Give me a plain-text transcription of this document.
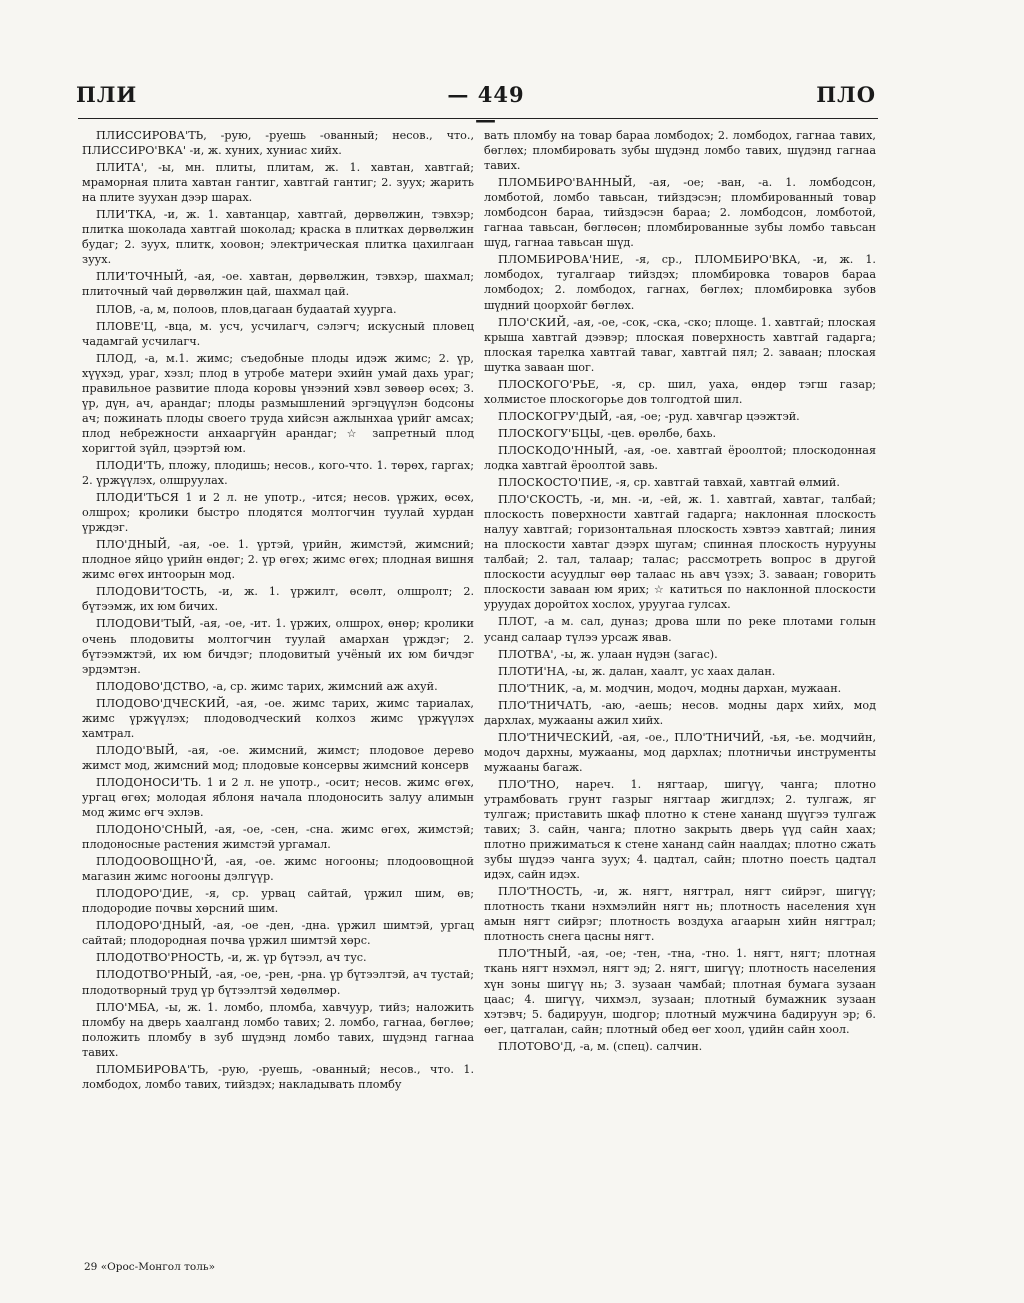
ПЛИ	— 449 —
ПЛО

ПЛИССИРОВА'ТЬ, -рую, -руешь -ованный; несов., что., ПЛИССИРО'ВКА' -и, ж. хуних, хуниас хийх.

ПЛИТА', -ы, мн. плиты, плитам, ж. 1. хавтан, хавтгай; мраморная плита хавтан гантиг, хавтгай гантиг; 2. зуух; жарить на плите зуухан дээр шарах.

ПЛИ'ТКА, -и, ж. 1. хавтанцар, хавтгай, дөрвөлжин, тэвхэр; плитка шоколада хавтгай шоколад; краска в плитках дөрвөлжин будаг; 2. зуух, плитк, хоовон; электрическая плитка цахилгаан зуух.

ПЛИ'ТОЧНЫЙ, -ая, -ое. хавтан, дөрвөлжин, тэвхэр, шахмал; плиточный чай дөрвөлжин цай, шахмал цай.

ПЛОВ, -а, м, полоов, плов,цагаан будаатай хуурга.

ПЛОВЕ'Ц, -вца, м. усч, усчилагч, сэлэгч; искусный пловец чадамгай усчилагч.

ПЛОД, -а, м.1. жимс; съедобные плоды идэж жимс; 2. үр, хүүхэд, ураг, хэзл; плод в утробе матери эхийн умай дахь ураг; правильное развитие плода коровы үнээний хэвл зөвөөр өсөх; 3. үр, дүн, ач, арандаг; плоды размышлений эргэцүүлэн бодсоны ач; пожинать плоды своего труда хийсэн ажлынхаа үрийг амсах; плод небрежности анхааргүйн арандаг; ☆ запретный плод хоригтой зүйл, цээртэй юм.

ПЛОДИ'ТЬ, пложу, плодишь; несов., кого-что. 1. төрөх, гаргах; 2. үржүүлэх, олшруулах.

ПЛОДИ'ТЬСЯ 1 и 2 л. не употр., -ится; несов. үржих, өсөх, олшрох; кролики быстро плодятся молтогчин туулай хурдан үрждэг.

ПЛО'ДНЫЙ, -ая, -ое. 1. үртэй, үрийн, жимстэй, жимсний; плодное яйцо үрийн өндөг; 2. үр өгөх; жимс өгөх; плодная вишня жимс өгөх интоорын мод.

ПЛОДОВИ'ТОСТЬ, -и, ж. 1. үржилт, өсөлт, олшролт; 2. бүтээмж, их юм бичих.

ПЛОДОВИ'ТЫЙ, -ая, -ое, -ит. 1. үржих, олшрох, өнөр; кролики очень плодовиты молтогчин туулай амархан үрждэг; 2. бүтээмжтэй, их юм бичдэг; плодовитый учёный их юм бичдэг эрдэмтэн.

ПЛОДОВО'ДСТВО, -а, ср. жимс тарих, жимсний аж ахуй.

ПЛОДОВО'ДЧЕСКИЙ, -ая, -ое. жимс тарих, жимс тариалах, жимс үржүүлэх; плодоводческий колхоз жимс үржүүлэх хамтрал.

ПЛОДО'ВЫЙ, -ая, -ое. жимсний, жимст; плодовое дерево жимст мод, жимсний мод; плодовые консервы жимсний консерв

ПЛОДОНОСИ'ТЬ. 1 и 2 л. не употр., -осит; несов. жимс өгөх, ургац өгөх; молодая яблоня начала плодоносить залуу алимын мод жимс өгч эхлэв.

ПЛОДОНО'СНЫЙ, -ая, -ое, -сен, -сна. жимс өгөх, жимстэй; плодоносные растения жимстэй ургамал.

ПЛОДООВОЩНО'Й, -ая, -ое. жимс ногооны; плодоовощной магазин жимс ногооны дэлгүүр.

ПЛОДОРО'ДИЕ, -я, ср. урвац сайтай, үржил шим, өв; плодородие почвы хөрсний шим.

ПЛОДОРО'ДНЫЙ, -ая, -ое -ден, -дна. үржил шимтэй, ургац сайтай; плодородная почва үржил шимтэй хөрс.

ПЛОДОТВО'РНОСТЬ, -и, ж. үр бүтээл, ач тус.

ПЛОДОТВО'РНЫЙ, -ая, -ое, -рен, -рна. үр бүтээлтэй, ач тустай; плодотворный труд үр бүтээлтэй хөдөлмөр.

ПЛО'МБА, -ы, ж. 1. ломбо, пломба, хавчуур, тийз; наложить пломбу на дверь хаалганд ломбо тавих; 2. ломбо, гагнаа, бөглөө; положить пломбу в зуб шүдэнд ломбо тавих, шүдэнд гагнаа тавих.

ПЛОМБИРОВА'ТЬ, -рую, -руешь, -ованный; несов., что. 1. ломбодох, ломбо тавих, тийздэх; накладывать пломбу

вать пломбу на товар бараа ломбодох; 2. ломбодох, гагнаа тавих, бөглөх; пломбировать зубы шүдэнд ломбо тавих, шүдэнд гагнаа тавих.

ПЛОМБИРО'ВАННЫЙ, -ая, -ое; -ван, -а. 1. ломбодсон, ломботой, ломбо тавьсан, тийздэсэн; пломбированный товар ломбодсон бараа, тийздэсэн бараа; 2. ломбодсон, ломботой, гагнаа тавьсан, бөглөсөн; пломбированные зубы ломбо тавьсан шүд, гагнаа тавьсан шүд.

ПЛОМБИРОВА'НИЕ, -я, ср., ПЛОМБИРО'ВКА, -и, ж. 1. ломбодох, тугалгаар тийздэх; пломбировка товаров бараа ломбодох; 2. ломбодох, гагнах, бөглөх; пломбировка зубов шүдний цоорхойг бөглөх.

ПЛО'СКИЙ, -ая, -ое, -сок, -ска, -ско; площе. 1. хавтгай; плоская крыша хавтгай дээвэр; плоская поверхность хавтгай гадарга; плоская тарелка хавтгай таваг, хавтгай пял; 2. заваан; плоская шутка заваан шог.

ПЛОСКОГО'РЬЕ, -я, ср. шил, уаха, өндөр тэгш газар; холмистое плоскогорье дов толгодтой шил.

ПЛОСКОГРУ'ДЫЙ, -ая, -ое; -руд. хавчгар цээжтэй.

ПЛОСКОГУ'БЦЫ, -цев. өрөлбө, бахь.

ПЛОСКОДО'ННЫЙ, -ая, -ое. хавтгай ёроолтой; плоскодонная лодка хавтгай ёроолтой завь.

ПЛОСКОСТО'ПИЕ, -я, ср. хавтгай тавхай, хавтгай өлмий.

ПЛО'СКОСТЬ, -и, мн. -и, -ей, ж. 1. хавтгай, хавтаг, талбай; плоскость поверхности хавтгай гадарга; наклонная плоскость налуу хавтгай; горизонтальная плоскость хэвтээ хавтгай; линия на плоскости хавтаг дээрх шугам; спинная плоскость нурууны талбай; 2. тал, талаар; талас; рассмотреть вопрос в другой плоскости асуудлыг өөр талаас нь авч үзэх; 3. заваан; говорить плоскости заваан юм ярих; ☆ катиться по наклонной плоскости уруудах доройтох хослох, уруугаа гулсах.

ПЛОТ, -а м. сал, дуназ; дрова шли по реке плотами голын усанд салаар түлээ урсаж явав.

ПЛОТВА', -ы, ж. улаан нүдэн (загас).

ПЛОТИ'НА, -ы, ж. далан, хаалт, ус хаах далан.

ПЛО'ТНИК, -а, м. модчин, модоч, модны дархан, мужаан.

ПЛО'ТНИЧАТЬ, -аю, -аешь; несов. модны дарх хийх, мод дархлах, мужааны ажил хийх.

ПЛО'ТНИЧЕСКИЙ, -ая, -ое., ПЛО'ТНИЧИЙ, -ья, -ье. модчийн, модоч дархны, мужааны, мод дархлах; плотничьи инструменты мужааны багаж.

ПЛО'ТНО, нареч. 1. нягтаар, шигүү, чанга; плотно утрамбовать грунт газрыг нягтаар жигдлэх; 2. тулгаж, яг тулгаж; приставить шкаф плотно к стене хананд шүүгээ тулгаж тавих; 3. сайн, чанга; плотно закрыть дверь үүд сайн хаах; плотно прижиматься к стене хананд сайн наалдах; плотно сжать зубы шүдээ чанга зуух; 4. цадтал, сайн; плотно поесть цадтал идэх, сайн идэх.

ПЛО'ТНОСТЬ, -и, ж. нягт, нягтрал, нягт сийрэг, шигүү; плотность ткани нэхмэлийн нягт нь; плотность населения хүн амын нягт сийрэг; плотность воздуха агаарын хийн нягтрал; плотность снега цасны нягт.

ПЛО'ТНЫЙ, -ая, -ое; -тен, -тна, -тно. 1. нягт, нягт; плотная ткань нягт нэхмэл, нягт эд; 2. нягт, шигүү; плотность населения хүн зоны шигүү нь; 3. зузаан чамбай; плотная бумага зузаан цаас; 4. шигүү, чихмэл, зузаан; плотный бумажник зузаан хэтэвч; 5. бадируун, шодгор; плотный мужчина бадируун эр; 6. өег, цатгалан, сайн; плотный обед өег хоол, үдийн сайн хоол.

ПЛОТОВО'Д, -а, м. (спец). салчин.

29 «Орос-Монгол толь»
